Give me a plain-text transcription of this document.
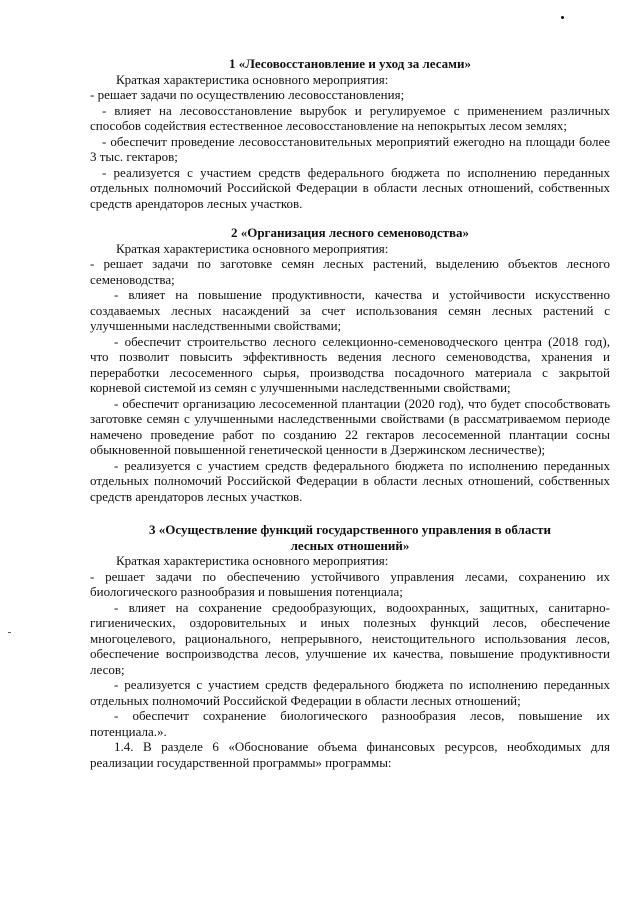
1 «Лесовосстановление и уход за лесами»

Краткая характеристика основного мероприятия:

- решает задачи по осуществлению лесовосстановления;

- влияет на лесовосстановление вырубок и регулируемое с применением различных способов содействия естественное лесовосстановление на непокрытых лесом землях;

- обеспечит проведение лесовосстановительных мероприятий ежегодно на площади более 3 тыс. гектаров;

- реализуется с участием средств федерального бюджета по исполнению переданных отдельных полномочий Российской Федерации в области лесных отношений, собственных средств арендаторов лесных участков.

2 «Организация лесного семеноводства»

Краткая характеристика основного мероприятия:

- решает задачи по заготовке семян лесных растений, выделению объектов лесного семеноводства;

- влияет на повышение продуктивности, качества и устойчивости искусственно создаваемых лесных насаждений за счет использования семян лесных растений с улучшенными наследственными свойствами;

- обеспечит строительство лесного селекционно-семеноводческого центра (2018 год), что позволит повысить эффективность ведения лесного семеноводства, хранения и переработки лесосеменного сырья, производства посадочного материала с закрытой корневой системой из семян с улучшенными наследственными свойствами;

- обеспечит организацию лесосеменной плантации (2020 год), что будет способствовать заготовке семян с улучшенными наследственными свойствами (в рассматриваемом периоде намечено проведение работ по созданию 22 гектаров лесосеменной плантации сосны обыкновенной повышенной генетической ценности в Дзержинском лесничестве);

- реализуется с участием средств федерального бюджета по исполнению переданных отдельных полномочий Российской Федерации в области лесных отношений, собственных средств арендаторов лесных участков.

3 «Осуществление функций государственного управления в области

лесных отношений»

Краткая характеристика основного мероприятия:

- решает задачи по обеспечению устойчивого управления лесами, сохранению их биологического разнообразия и повышения потенциала;

- влияет на сохранение средообразующих, водоохранных, защитных, санитарно-гигиенических, оздоровительных и иных полезных функций лесов, обеспечение многоцелевого, рационального, непрерывного, неистощительного использования лесов, обеспечение воспроизводства лесов, улучшение их качества, повышение продуктивности лесов;

- реализуется с участием средств федерального бюджета по исполнению переданных отдельных полномочий Российской Федерации в области лесных отношений;

- обеспечит сохранение биологического разнообразия лесов, повышение их потенциала.».

1.4. В разделе 6 «Обоснование объема финансовых ресурсов, необходимых для реализации государственной программы» программы:
